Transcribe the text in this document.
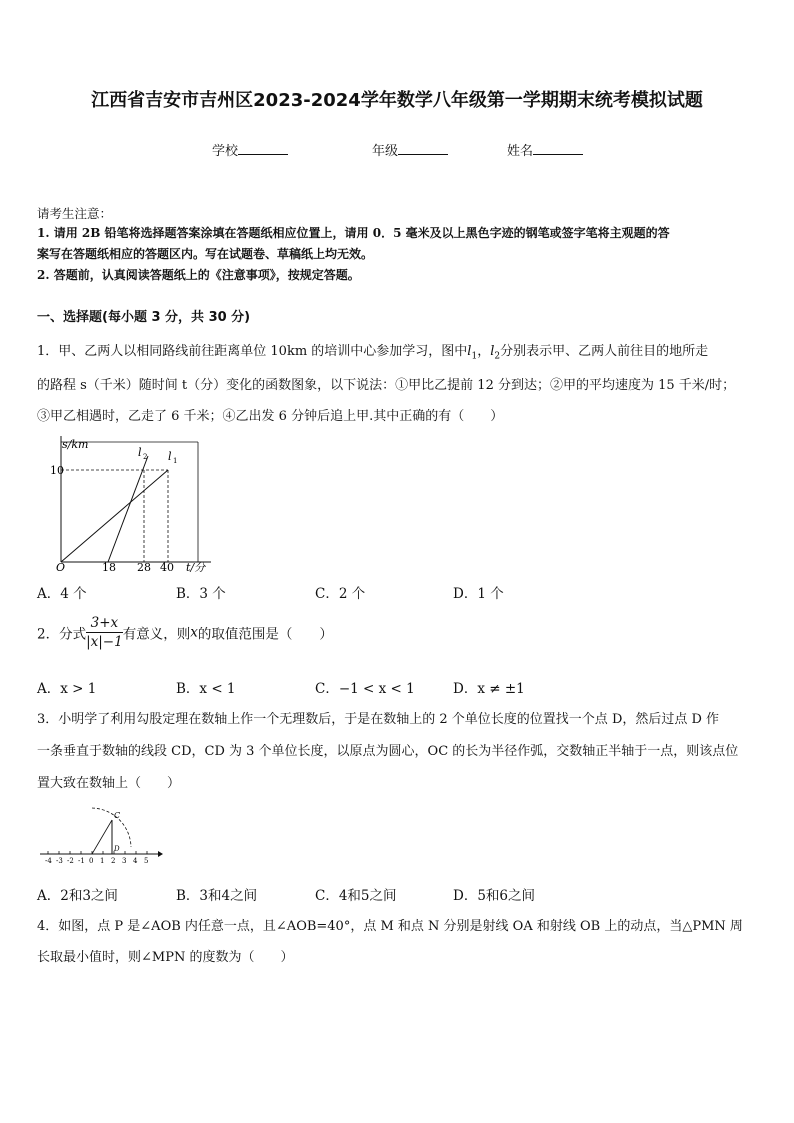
江西省吉安市吉州区2023-2024学年数学八年级第一学期期末统考模拟试题
学校	年级	姓名
请考生注意：
1. 请用 2B 铅笔将选择题答案涂填在答题纸相应位置上，请用 0．5 毫米及以上黑色字迹的钢笔或签字笔将主观题的答
案写在答题纸相应的答题区内。写在试题卷、草稿纸上均无效。
2. 答题前，认真阅读答题纸上的《注意事项》，按规定答题。
一、选择题(每小题 3 分，共 30 分)
1．甲、乙两人以相同路线前往距离单位 10km 的培训中心参加学习，图中$l_1$，$l_2$分别表示甲、乙两人前往目的地所走
的路程 s（千米）随时间 t（分）变化的函数图象，以下说法：①甲比乙提前 12 分到达；②甲的平均速度为 15 千米/时；
③甲乙相遇时，乙走了 6 千米；④乙出发 6 分钟后追上甲.其中正确的有（　　）
s/km
10
O	18 28 40 t/分
l 2 l 1
A．4 个	B．3 个	C．2 个	D．1 个
2．分式 $\frac{3+x}{|x|-1}$ 有意义，则x的取值范围是（　　）
A．x > 1	B．x < 1	C．−1 < x < 1	D．x ≠ ±1
3．小明学了利用勾股定理在数轴上作一个无理数后，于是在数轴上的 2 个单位长度的位置找一个点 D，然后过点 D 作
一条垂直于数轴的线段 CD，CD 为 3 个单位长度，以原点为圆心，OC 的长为半径作弧，交数轴正半轴于一点，则该点位
置大致在数轴上（　　）
-4 -3 -2 -1 0 1 2 3 4 5
C
D
A．2和3之间	B．3和4之间	C．4和5之间	D．5和6之间
4．如图，点 P 是∠AOB 内任意一点，且∠AOB=40°，点 M 和点 N 分别是射线 OA 和射线 OB 上的动点，当△PMN 周
长取最小值时，则∠MPN 的度数为（　　）
